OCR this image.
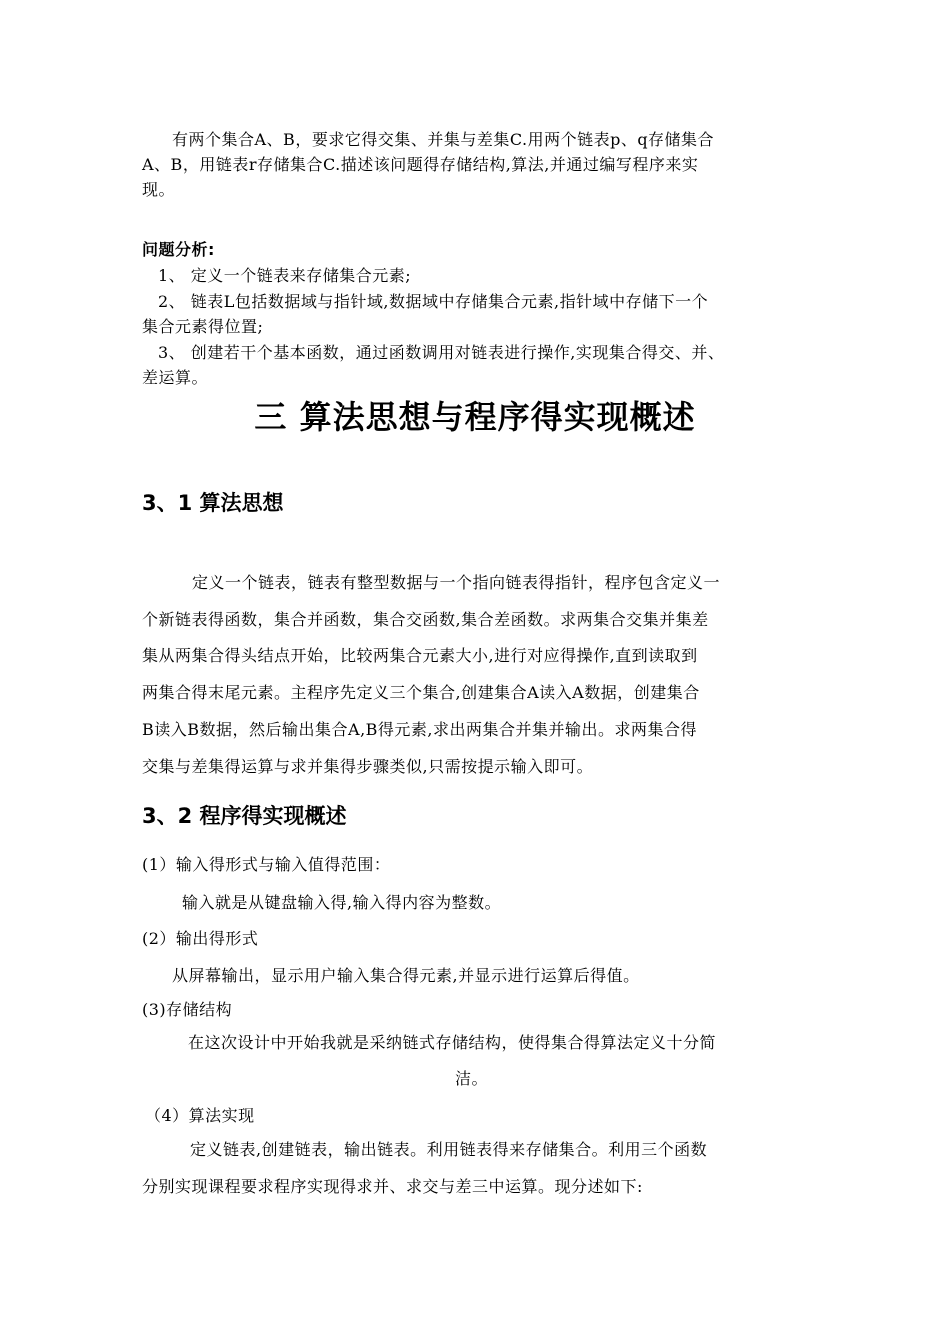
有两个集合A、B，要求它得交集、并集与差集C.用两个链表p、q存储集合
A、B，用链表r存储集合C.描述该问题得存储结构,算法,并通过编写程序来实
现。
问题分析:
1、 定义一个链表来存储集合元素;
2、 链表L包括数据域与指针域,数据域中存储集合元素,指针域中存储下一个
集合元素得位置;
3、 创建若干个基本函数，通过函数调用对链表进行操作,实现集合得交、并、
差运算。
三 算法思想与程序得实现概述
3、1 算法思想
定义一个链表，链表有整型数据与一个指向链表得指针，程序包含定义一
个新链表得函数，集合并函数，集合交函数,集合差函数。求两集合交集并集差
集从两集合得头结点开始，比较两集合元素大小,进行对应得操作,直到读取到
两集合得末尾元素。主程序先定义三个集合,创建集合A读入A数据，创建集合
B读入B数据，然后输出集合A,B得元素,求出两集合并集并输出。求两集合得
交集与差集得运算与求并集得步骤类似,只需按提示输入即可。
3、2 程序得实现概述
(1）输入得形式与输入值得范围：
输入就是从键盘输入得,输入得内容为整数。
(2）输出得形式
从屏幕输出，显示用户输入集合得元素,并显示进行运算后得值。
(3)存储结构
在这次设计中开始我就是采纳链式存储结构，使得集合得算法定义十分简
洁。
（4）算法实现
定义链表,创建链表，输出链表。利用链表得来存储集合。利用三个函数
分别实现课程要求程序实现得求并、求交与差三中运算。现分述如下:
